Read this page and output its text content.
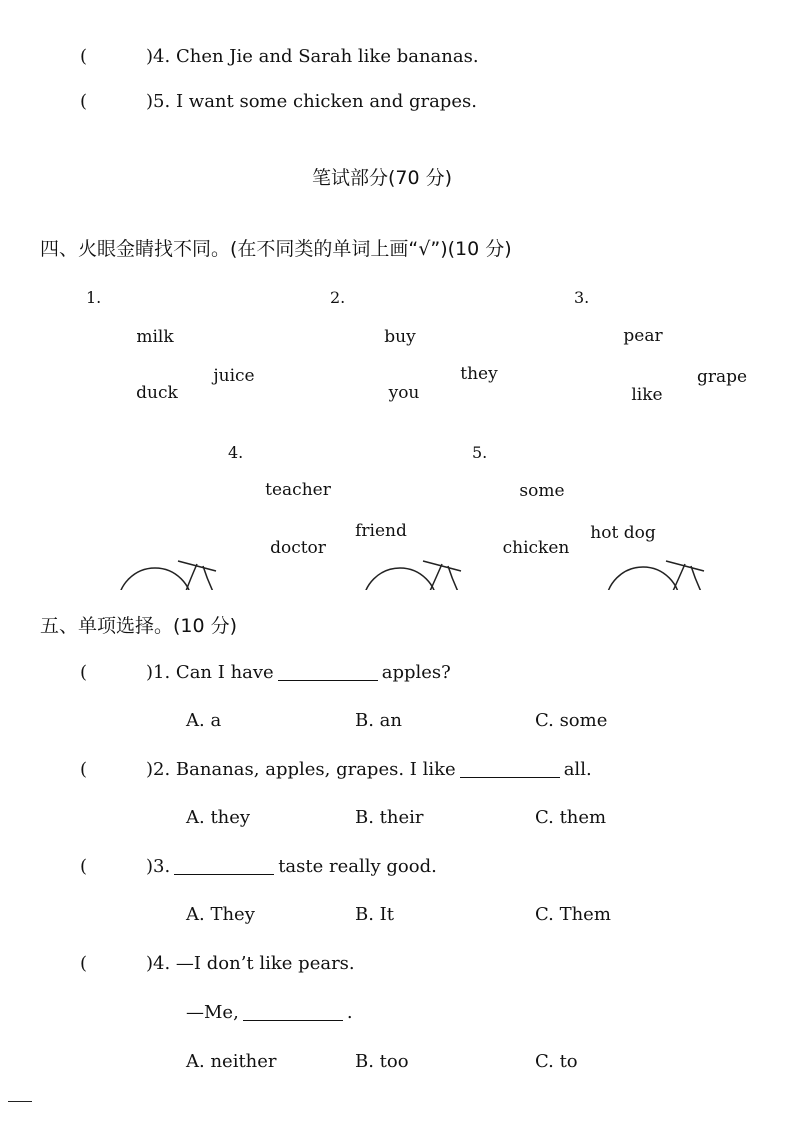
(	)4. Chen Jie and Sarah like bananas.
(	)5. I want some chicken and grapes.
笔试部分(70 分)
四、火眼金睛找不同。(在不同类的单词上画“√”)(10 分)
1.	2.	3.
4.	5.
milk
duck
juice
buy
you
they
pear
like
grape
teacher
doctor
friend
some
chicken
hot dog
五、单项选择。(10 分)
(	)1. Can I have	apples?
A. a	B. an	C. some
(	)2. Bananas, apples, grapes. I like	all.
A. they	B. their	C. them
(	)3.	taste really good.
A. They	B. It	C. Them
(	)4. —I don’t like pears.
—Me,	.
A. neither	B. too	C. to
